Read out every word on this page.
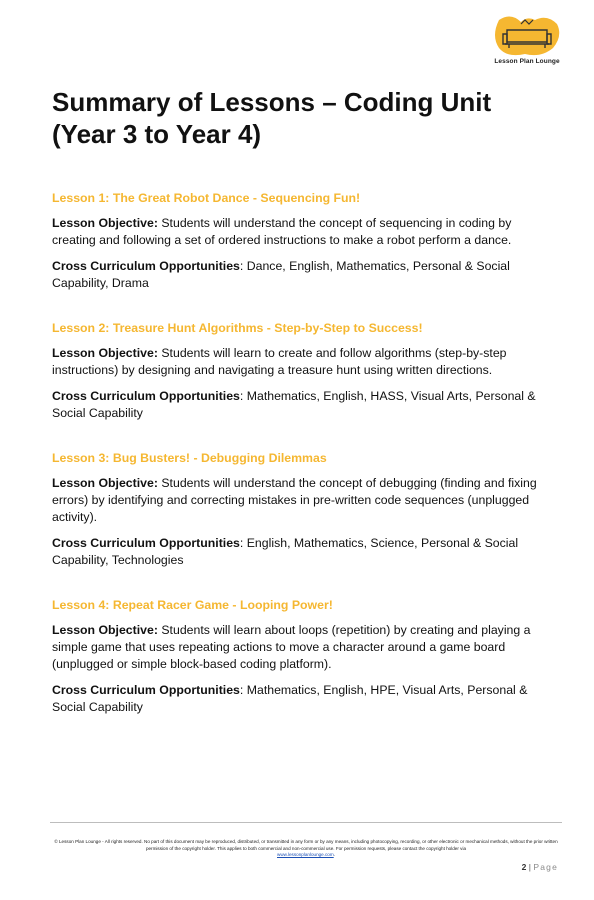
Lesson Plan Lounge
Summary of Lessons – Coding Unit (Year 3 to Year 4)

Lesson 1: The Great Robot Dance - Sequencing Fun!

Lesson Objective: Students will understand the concept of sequencing in coding by creating and following a set of ordered instructions to make a robot perform a dance.

Cross Curriculum Opportunities: Dance, English, Mathematics, Personal & Social Capability, Drama

Lesson 2: Treasure Hunt Algorithms - Step-by-Step to Success!

Lesson Objective: Students will learn to create and follow algorithms (step-by-step instructions) by designing and navigating a treasure hunt using written directions.

Cross Curriculum Opportunities: Mathematics, English, HASS, Visual Arts, Personal & Social Capability

Lesson 3: Bug Busters! - Debugging Dilemmas

Lesson Objective: Students will understand the concept of debugging (finding and fixing errors) by identifying and correcting mistakes in pre-written code sequences (unplugged activity).

Cross Curriculum Opportunities: English, Mathematics, Science, Personal & Social Capability, Technologies

Lesson 4: Repeat Racer Game - Looping Power!

Lesson Objective: Students will learn about loops (repetition) by creating and playing a simple game that uses repeating actions to move a character around a game board (unplugged or simple block-based coding platform).

Cross Curriculum Opportunities: Mathematics, English, HPE, Visual Arts, Personal & Social Capability

© Lesson Plan Lounge - All rights reserved. No part of this document may be reproduced, distributed, or transmitted in any form or by any means, including photocopying, recording, or other electronic or mechanical methods, without the prior written permission of the copyright holder. This applies to both commercial and non-commercial use. For permission requests, please contact the copyright holder via
www.lessonplanlounge.com.
2 | Page
